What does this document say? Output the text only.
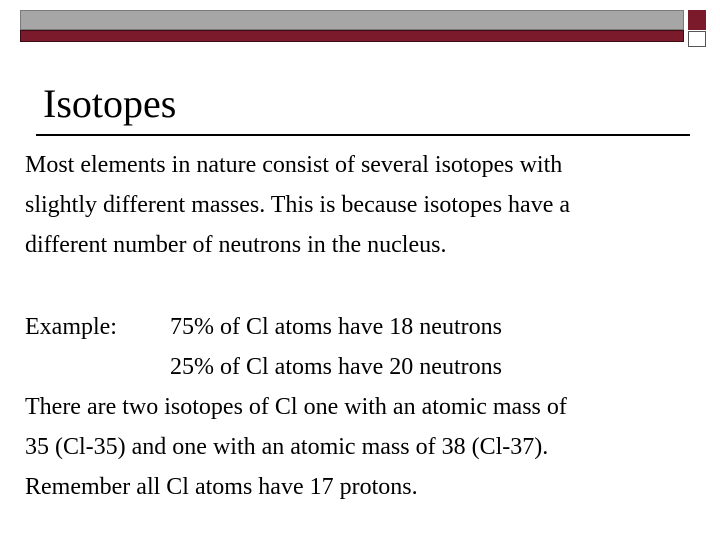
Isotopes
Most elements in nature consist of several isotopes with
slightly different masses. This is because isotopes have a
different number of neutrons in the nucleus.
Example: 75% of Cl atoms have 18 neutrons
25% of Cl atoms have 20 neutrons
There are two isotopes of Cl one with an atomic mass of
35 (Cl-35) and one with an atomic mass of 38 (Cl-37).
Remember all Cl atoms have 17 protons.
